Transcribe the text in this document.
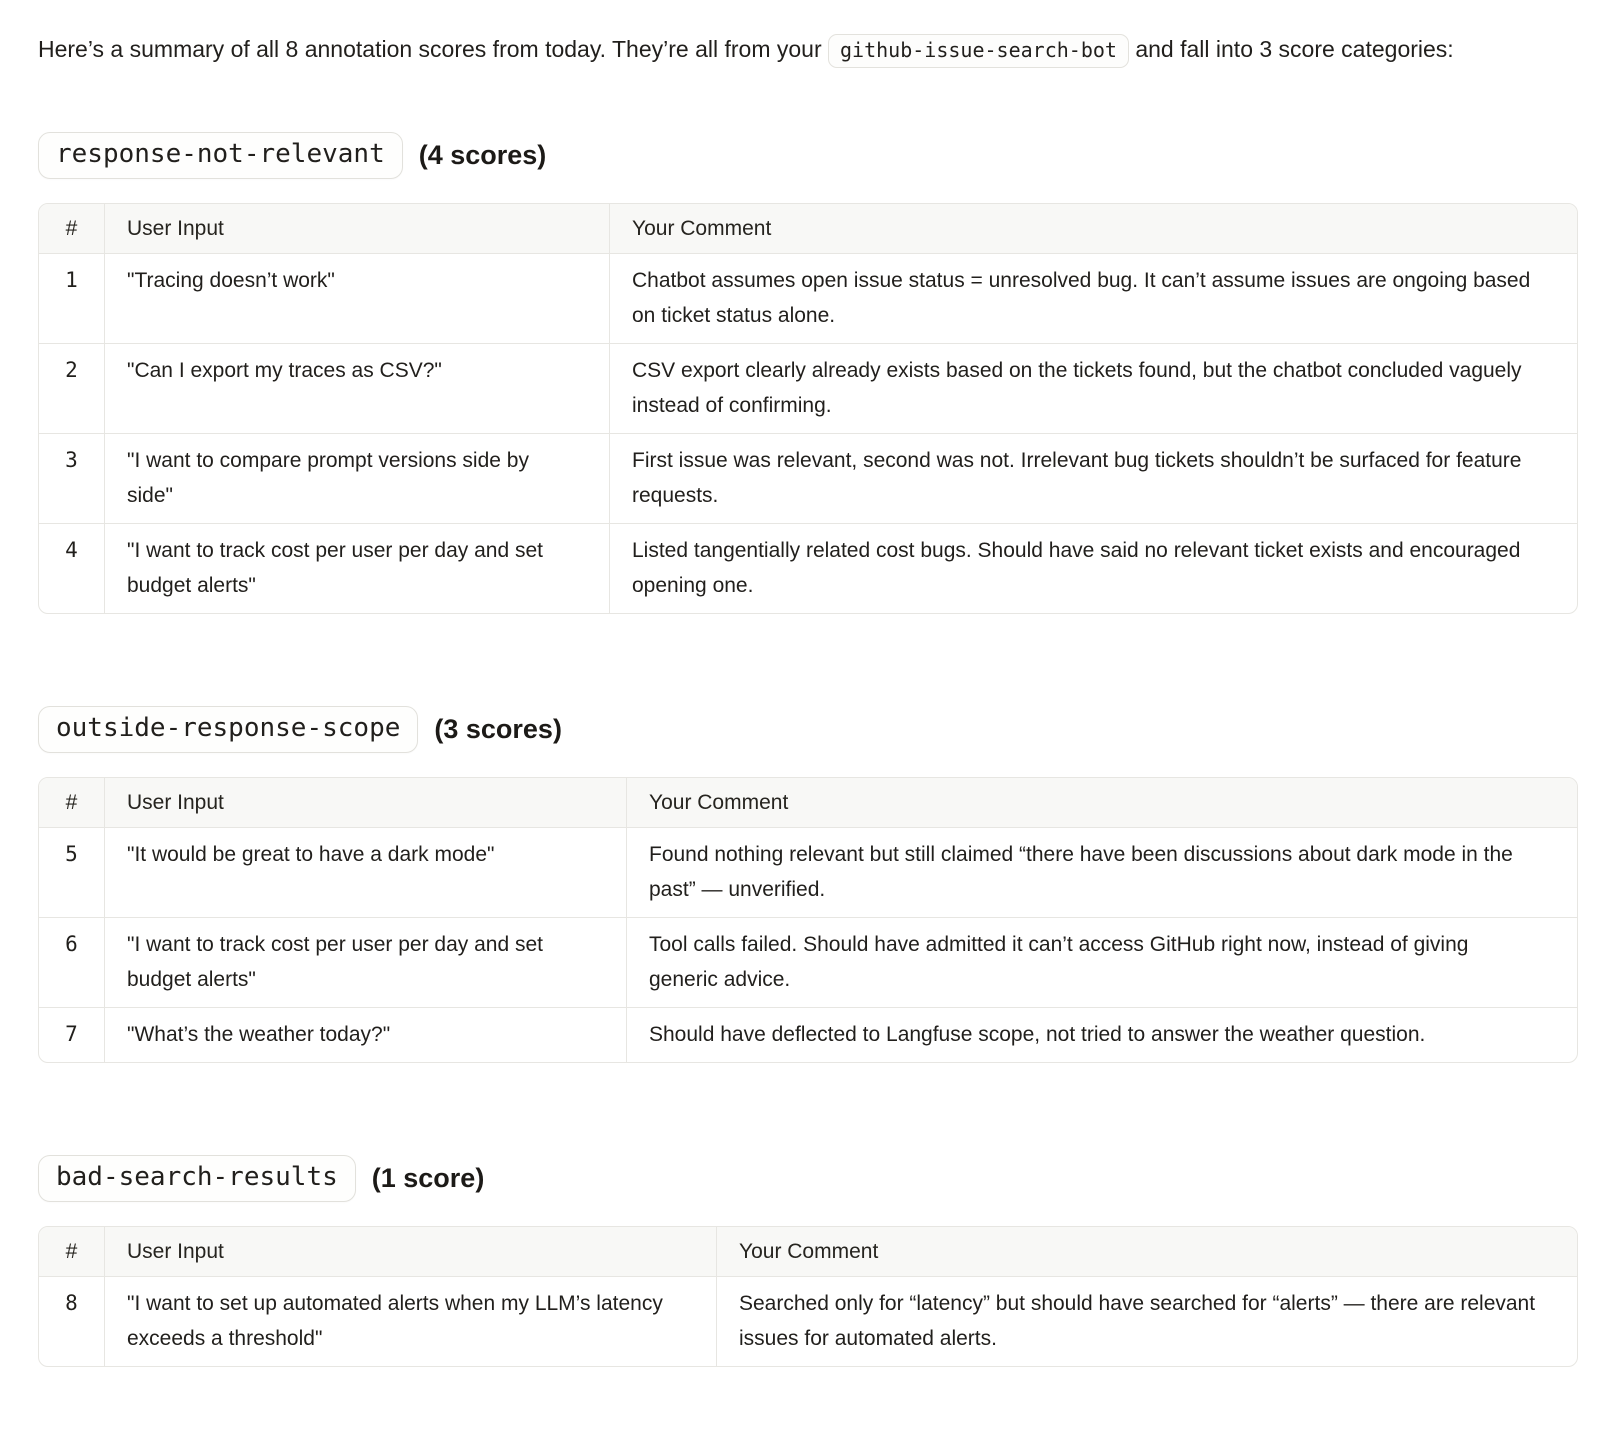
Here’s a summary of all 8 annotation scores from today. They’re all from your github-issue-search-bot and fall into 3 score categories:

response-not-relevant	(4 scores)
#	User Input	Your Comment
1	"Tracing doesn’t work"	Chatbot assumes open issue status = unresolved bug. It can’t assume issues are ongoing based on ticket status alone.
2	"Can I export my traces as CSV?"	CSV export clearly already exists based on the tickets found, but the chatbot concluded vaguely instead of confirming.
3	"I want to compare prompt versions side by side"	First issue was relevant, second was not. Irrelevant bug tickets shouldn’t be surfaced for feature requests.
4	"I want to track cost per user per day and set budget alerts"	Listed tangentially related cost bugs. Should have said no relevant ticket exists and encouraged opening one.
outside-response-scope	(3 scores)
#	User Input	Your Comment
5	"It would be great to have a dark mode"	Found nothing relevant but still claimed “there have been discussions about dark mode in the past” — unverified.
6	"I want to track cost per user per day and set budget alerts"	Tool calls failed. Should have admitted it can’t access GitHub right now, instead of giving generic advice.
7	"What’s the weather today?"	Should have deflected to Langfuse scope, not tried to answer the weather question.
bad-search-results	(1 score)
#	User Input	Your Comment
8	"I want to set up automated alerts when my LLM’s latency exceeds a threshold"	Searched only for “latency” but should have searched for “alerts” — there are relevant issues for automated alerts.
